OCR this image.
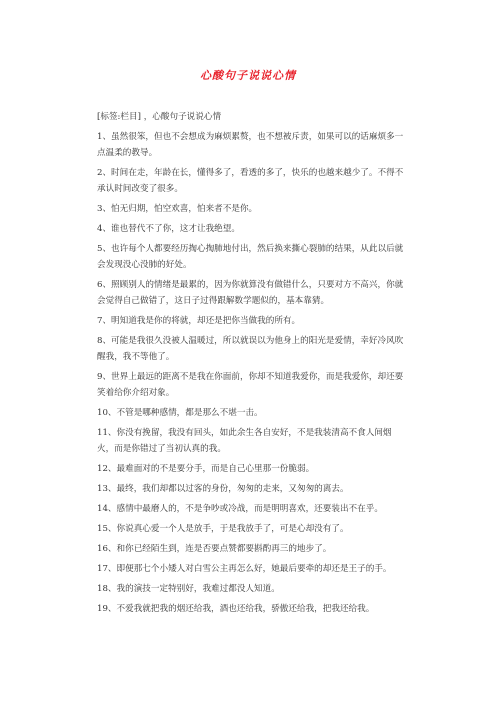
心酸句子说说心情

[标签:栏目] ，心酸句子说说心情

1、虽然很笨，但也不会想成为麻烦累赘，也不想被斥责，如果可以的话麻烦多一点温柔的教导。

2、时间在走，年龄在长，懂得多了，看透的多了，快乐的也越来越少了。不得不承认时间改变了很多。

3、怕无归期，怕空欢喜，怕来者不是你。

4、谁也替代不了你，这才让我绝望。

5、也许每个人都要经历掏心掏肺地付出，然后换来撕心裂肺的结果，从此以后就会发现没心没肺的好处。

6、照顾别人的情绪是最累的，因为你就算没有做错什么，只要对方不高兴，你就会觉得自己做错了，这日子过得跟解数学题似的，基本靠猜。

7、明知道我是你的将就，却还是把你当做我的所有。

8、可能是我很久没被人温暖过，所以就误以为他身上的阳光是爱情，幸好冷风吹醒我，我不等他了。

9、世界上最远的距离不是我在你面前，你却不知道我爱你，而是我爱你，却还要笑着给你介绍对象。

10、不管是哪种感情，都是那么不堪一击。

11、你没有挽留，我没有回头，如此余生各自安好，不是我装清高不食人间烟火，而是你错过了当初认真的我。

12、最难面对的不是要分手，而是自己心里那一份脆弱。

13、最终，我们却都以过客的身份，匆匆的走来，又匆匆的离去。

14、感情中最磨人的，不是争吵或冷战，而是明明喜欢，还要装出不在乎。

15、你说真心爱一个人是放手，于是我放手了，可是心却没有了。

16、和你已经陌生到，连是否要点赞都要斟酌再三的地步了。

17、即便那七个小矮人对白雪公主再怎么好，她最后要牵的却还是王子的手。

18、我的演技一定特别好，我难过都没人知道。

19、不爱我就把我的烟还给我，酒也还给我，骄傲还给我，把我还给我。
